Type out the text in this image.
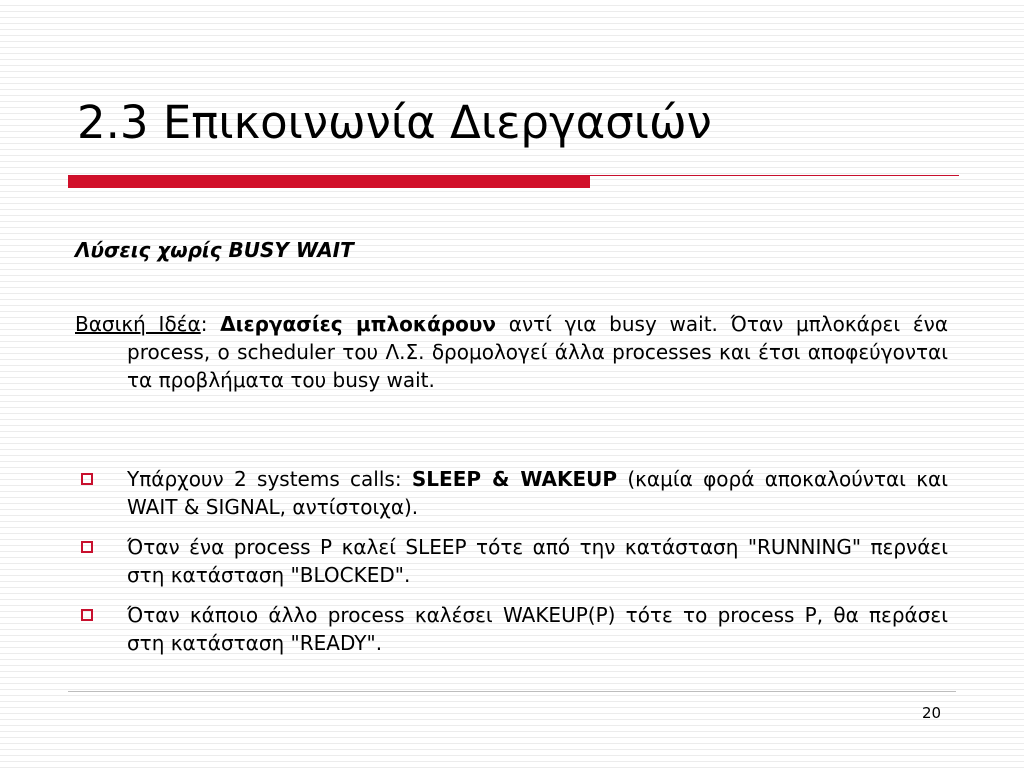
2.3 Επικοινωνία Διεργασιών
Λύσεις χωρίς BUSY WAIT
Βασική Ιδέα: Διεργασίες μπλοκάρουν αντί για busy wait. Όταν μπλοκάρει ένα process, ο scheduler του Λ.Σ. δρομολογεί άλλα processes και έτσι αποφεύγονται τα προβλήματα του busy wait.
Υπάρχουν 2 systems calls: SLEEP & WAKEUP (καμία φορά αποκαλούνται και WAIT & SIGNAL, αντίστοιχα).
Όταν ένα process P καλεί SLEEP τότε από την κατάσταση "RUNNING" περνάει στη κατάσταση "BLOCKED".
Όταν κάποιο άλλο process καλέσει WAKEUP(P) τότε το process P, θα περάσει στη κατάσταση "READY".
20
